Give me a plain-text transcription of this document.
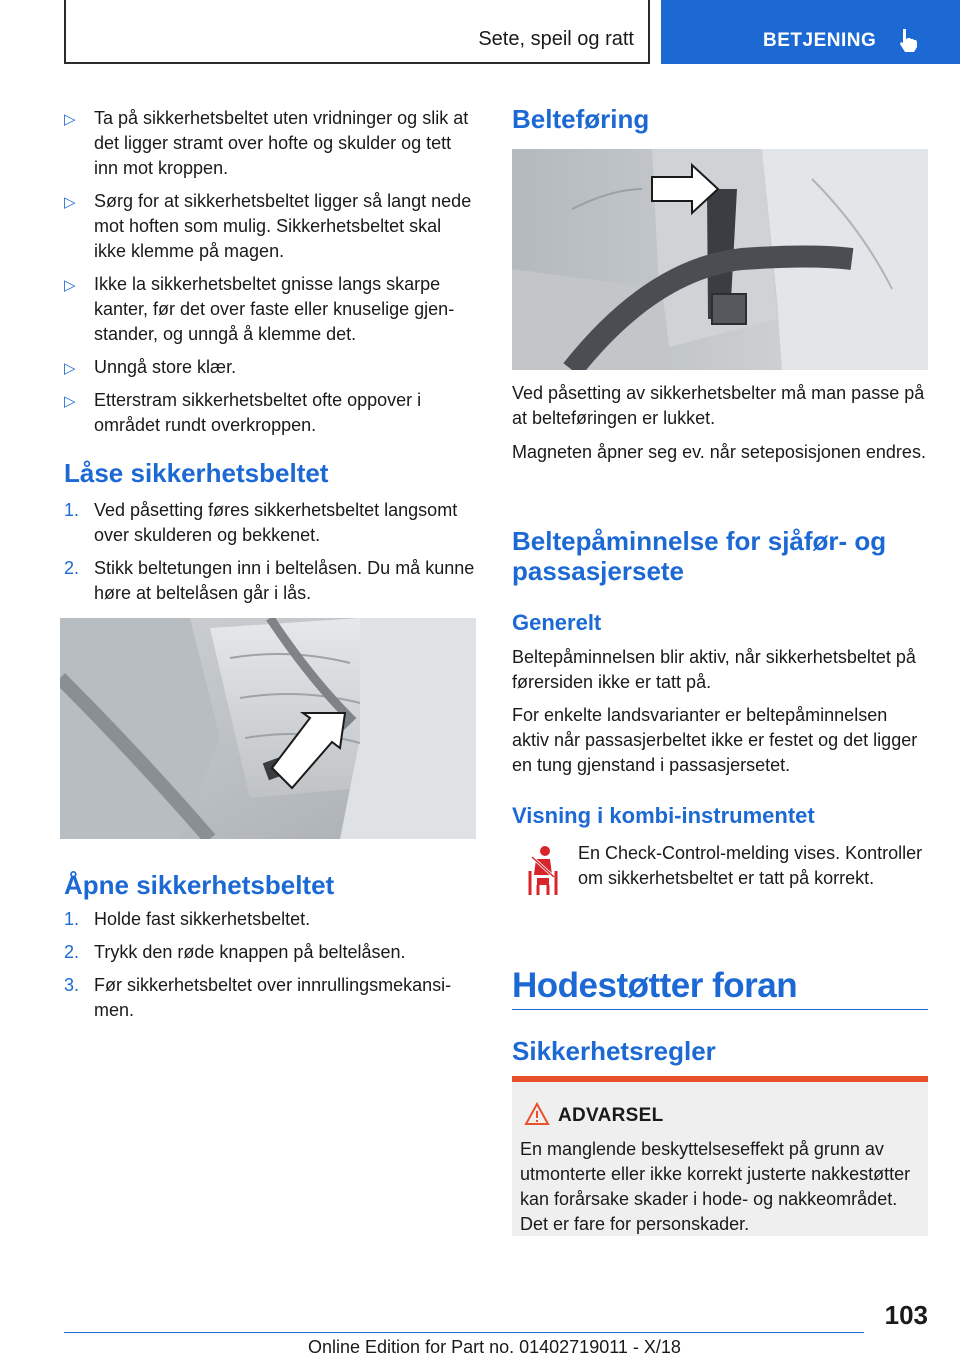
Sete, speil og ratt	BETJENING
▷ Ta på sikkerhetsbeltet uten vridninger og slik at det ligger stramt over hofte og skulder og tett inn mot kroppen.
▷ Sørg for at sikkerhetsbeltet ligger så langt nede mot hoften som mulig. Sikkerhetsbeltet skal ikke klemme på magen.
▷ Ikke la sikkerhetsbeltet gnisse langs skarpe kanter, før det over faste eller knuselige gjenstander, og unngå å klemme det.
▷ Unngå store klær.
▷ Etterstram sikkerhetsbeltet ofte oppover i området rundt overkroppen.
Låse sikkerhetsbeltet
1. Ved påsetting føres sikkerhetsbeltet langsomt over skulderen og bekkenet.
2. Stikk beltetungen inn i beltelåsen. Du må kunne høre at beltelåsen går i lås.
Åpne sikkerhetsbeltet
1. Holde fast sikkerhetsbeltet.
2. Trykk den røde knappen på beltelåsen.
3. Før sikkerhetsbeltet over innrullingsmekansimen.
Belteføring

Ved påsetting av sikkerhetsbelter må man passe på at belteføringen er lukket.

Magneten åpner seg ev. når seteposisjonen endres.

Beltepåminnelse for sjåfør- og passasjersete
Generelt

Beltepåminnelsen blir aktiv, når sikkerhetsbeltet på førersiden ikke er tatt på.

For enkelte landsvarianter er beltepåminnelsen aktiv når passasjerbeltet ikke er festet og det ligger en tung gjenstand i passasjersetet.

Visning i kombi-instrumentet

En Check-Control-melding vises. Kontroller om sikkerhetsbeltet er tatt på korrekt.

Hodestøtter foran
Sikkerhetsregler
ADVARSEL
En manglende beskyttelseseffekt på grunn av utmonterte eller ikke korrekt justerte nakkestøtter kan forårsake skader i hode- og nakkeområdet. Det er fare for personskader.
103
Online Edition for Part no. 01402719011 - X/18
